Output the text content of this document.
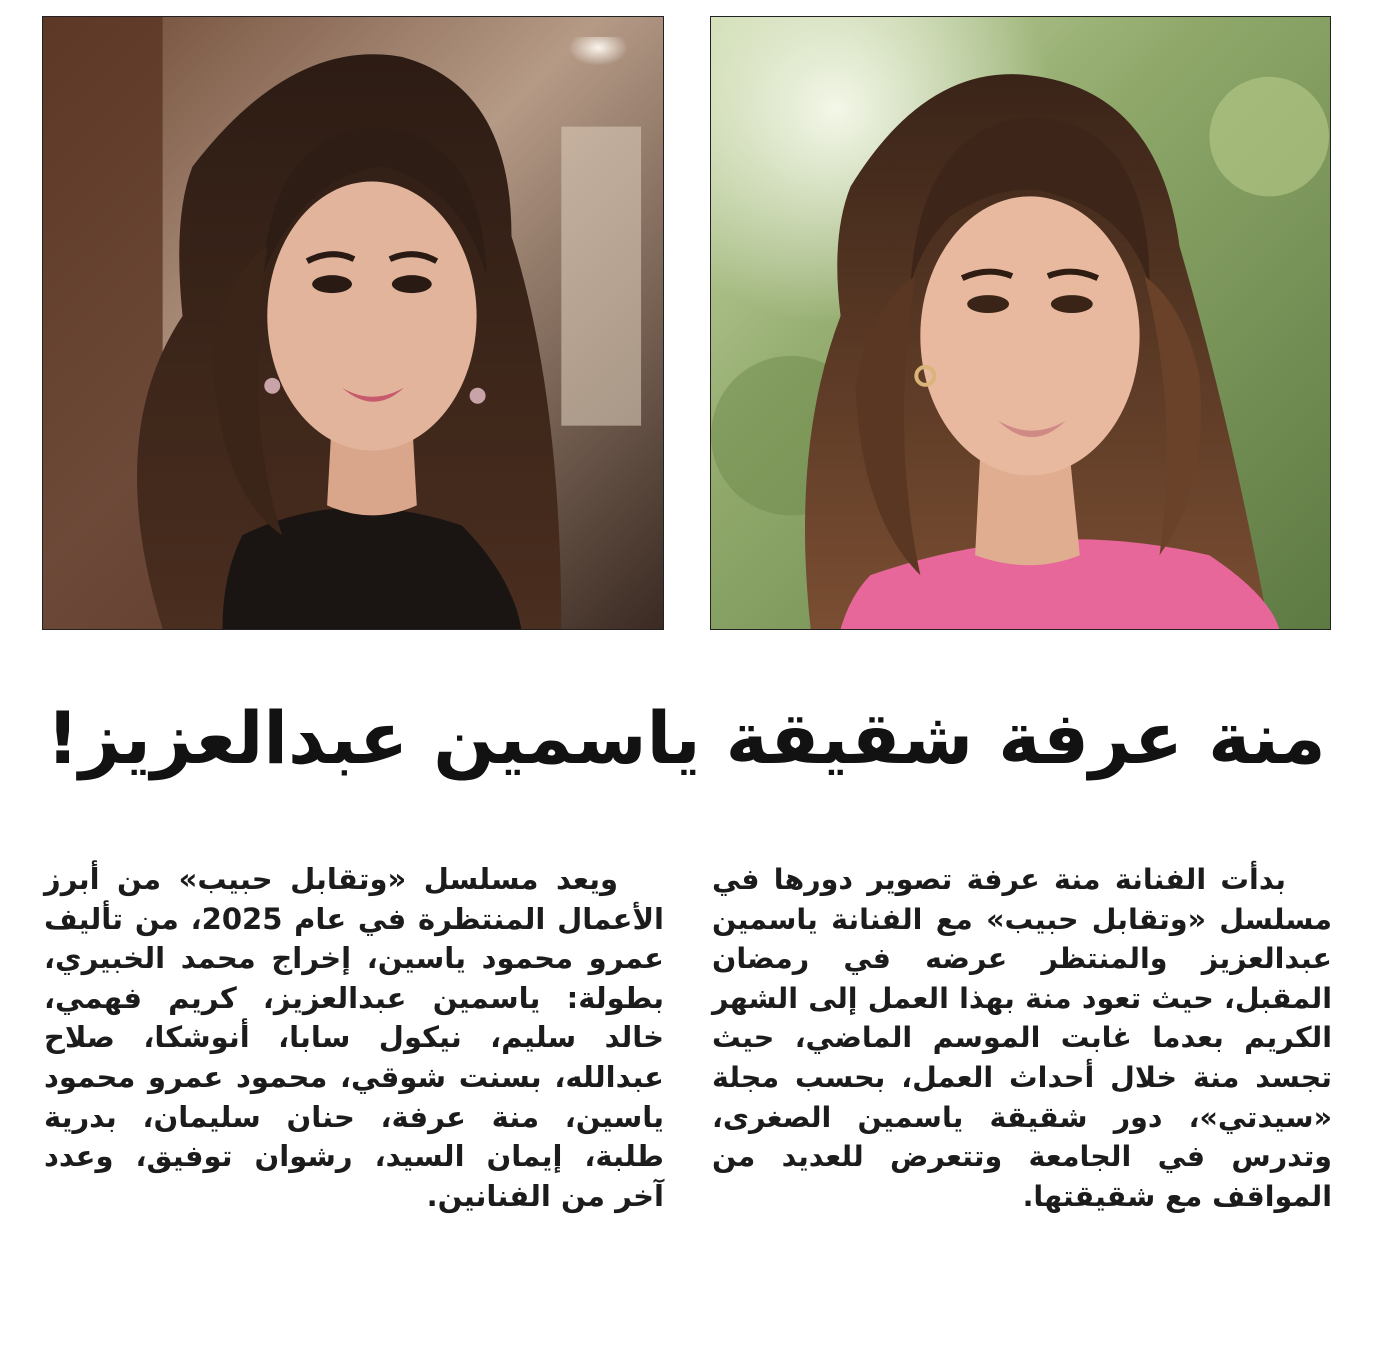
منة عرفة شقيقة ياسمين عبدالعزيز!
بدأت الفنانة منة عرفة تصوير دورها في
مسلسل «وتقابل حبيب» مع الفنانة ياسمين
عبدالعزيز والمنتظر عرضه في رمضان
المقبل، حيث تعود منة بهذا العمل إلى الشهر
الكريم بعدما غابت الموسم الماضي، حيث
تجسد منة خلال أحداث العمل، بحسب مجلة
«سيدتي»، دور شقيقة ياسمين الصغرى،
وتدرس في الجامعة وتتعرض للعديد من
المواقف مع شقيقتها.
ويعد مسلسل «وتقابل حبيب» من أبرز
الأعمال المنتظرة في عام 2025، من تأليف
عمرو محمود ياسين، إخراج محمد الخبيري،
بطولة: ياسمين عبدالعزيز، كريم فهمي،
خالد سليم، نيكول سابا، أنوشكا، صلاح
عبدالله، بسنت شوقي، محمود عمرو محمود
ياسين، منة عرفة، حنان سليمان، بدرية
طلبة، إيمان السيد، رشوان توفيق، وعدد
آخر من الفنانين.
